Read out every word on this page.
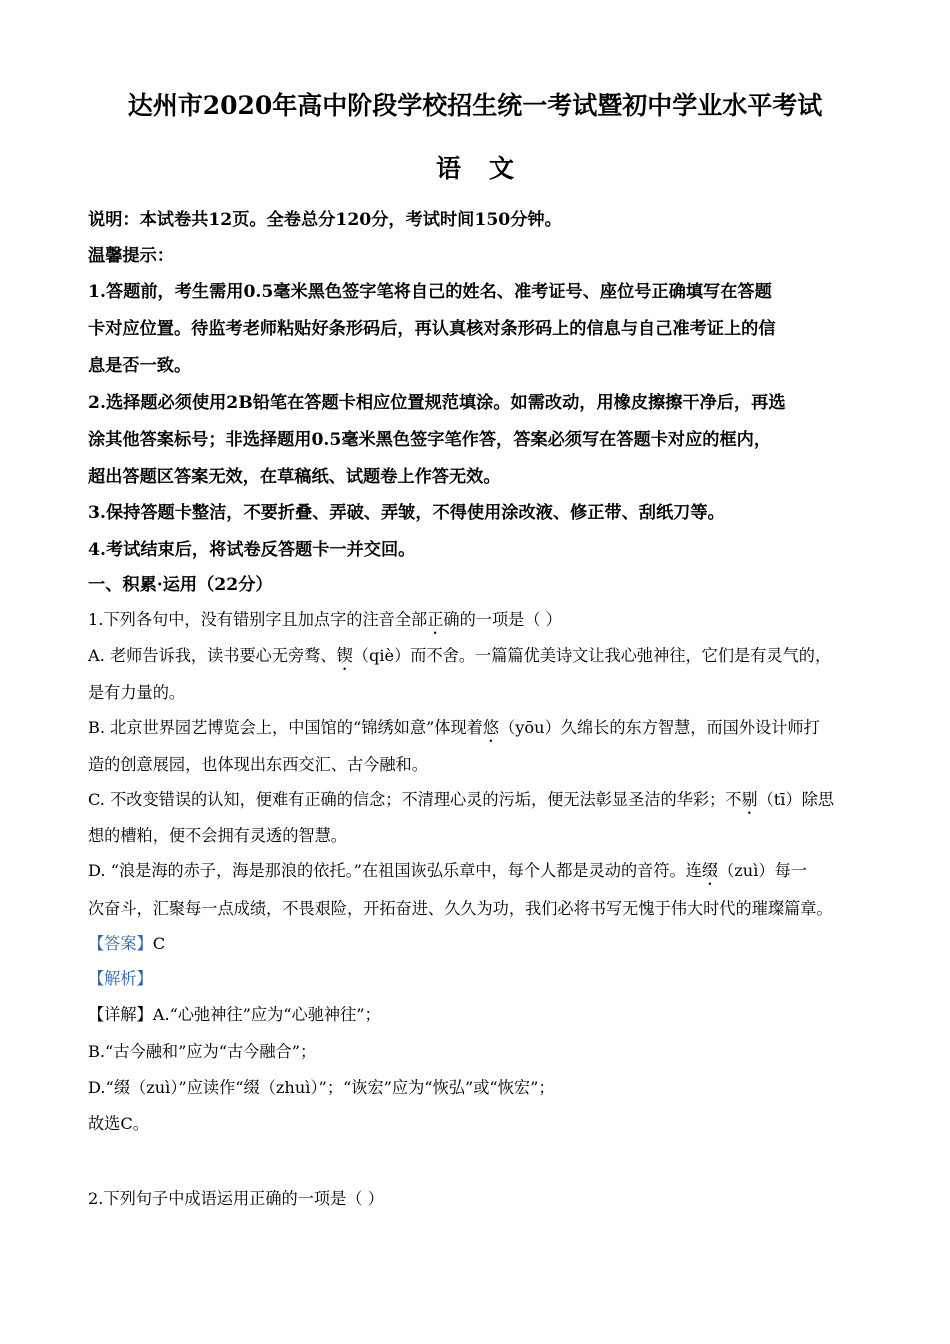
达州市2020年高中阶段学校招生统一考试暨初中学业水平考试
语文
说明：本试卷共12页。全卷总分120分，考试时间150分钟。
温馨提示：
1.答题前，考生需用0.5毫米黑色签字笔将自己的姓名、准考证号、座位号正确填写在答题
卡对应位置。待监考老师粘贴好条形码后，再认真核对条形码上的信息与自己准考证上的信
息是否一致。
2.选择题必须使用2B铅笔在答题卡相应位置规范填涂。如需改动，用橡皮擦擦干净后，再选
涂其他答案标号；非选择题用0.5毫米黑色签字笔作答，答案必须写在答题卡对应的框内，
超出答题区答案无效，在草稿纸、试题卷上作答无效。
3.保持答题卡整洁，不要折叠、弄破、弄皱，不得使用涂改液、修正带、刮纸刀等。
4.考试结束后，将试卷反答题卡一并交回。
一、积累·运用（22分）
1.下列各句中，没有错别字且加点字的注音全部正确的一项是（ ）
A. 老师告诉我，读书要心无旁骛、锲（qiè）而不舍。一篇篇优美诗文让我心弛神往，它们是有灵气的，
是有力量的。
B. 北京世界园艺博览会上，中国馆的“锦绣如意”体现着悠（yōu）久绵长的东方智慧，而国外设计师打
造的创意展园，也体现出东西交汇、古今融和。
C. 不改变错误的认知，便难有正确的信念；不清理心灵的污垢，便无法彰显圣洁的华彩；不剔（tī）除思
想的槽粕，便不会拥有灵透的智慧。
D. “浪是海的赤子，海是那浪的依托。”在祖国诙弘乐章中，每个人都是灵动的音符。连缀（zuì）每一
次奋斗，汇聚每一点成绩，不畏艰险，开拓奋进、久久为功，我们必将书写无愧于伟大时代的璀璨篇章。
【答案】C
【解析】
【详解】A.“心弛神往”应为“心驰神往”；
B.“古今融和”应为“古今融合”；
D.“缀（zuì）”应读作“缀（zhuì）”；“诙宏”应为“恢弘”或“恢宏”；
故选C。
2.下列句子中成语运用正确的一项是（ ）
